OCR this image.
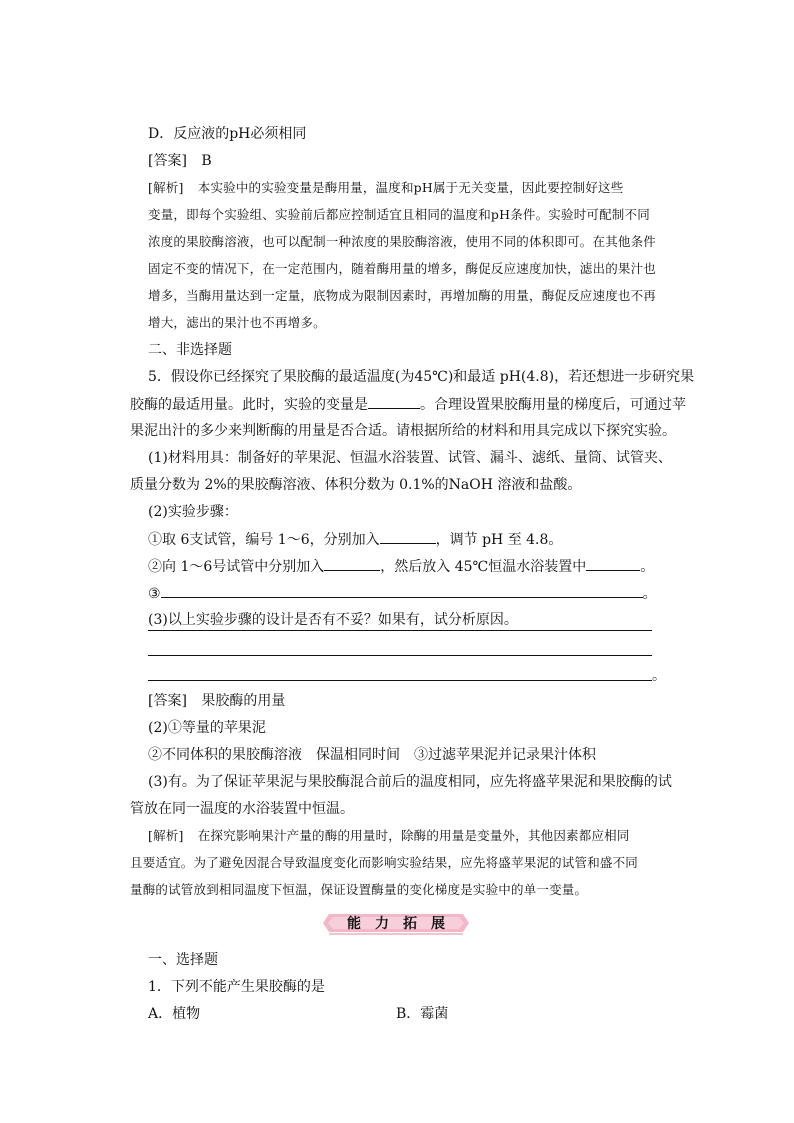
D．反应液的pH必须相同
[答案] B
[解析] 本实验中的实验变量是酶用量，温度和pH属于无关变量，因此要控制好这些
变量，即每个实验组、实验前后都应控制适宜且相同的温度和pH条件。实验时可配制不同
浓度的果胶酶溶液，也可以配制一种浓度的果胶酶溶液，使用不同的体积即可。在其他条件
固定不变的情况下，在一定范围内，随着酶用量的增多，酶促反应速度加快，滤出的果汁也
增多，当酶用量达到一定量，底物成为限制因素时，再增加酶的用量，酶促反应速度也不再
增大，滤出的果汁也不再增多。
二、非选择题
5．假设你已经探究了果胶酶的最适温度(为45℃)和最适 pH(4.8)，若还想进一步研究果
胶酶的最适用量。此时，实验的变量是	。合理设置果胶酶用量的梯度后，可通过苹
果泥出汁的多少来判断酶的用量是否合适。请根据所给的材料和用具完成以下探究实验。
(1)材料用具：制备好的苹果泥、恒温水浴装置、试管、漏斗、滤纸、量筒、试管夹、
质量分数为 2%的果胶酶溶液、体积分数为 0.1%的NaOH 溶液和盐酸。
(2)实验步骤：
①取 6支试管，编号 1～6，分别加入	，调节 pH 至 4.8。
②向 1～6号试管中分别加入	，然后放入 45℃恒温水浴装置中	。
③	。
(3)以上实验步骤的设计是否有不妥？如果有，试分析原因。
。
[答案] 果胶酶的用量
(2)①等量的苹果泥
②不同体积的果胶酶溶液　保温相同时间　③过滤苹果泥并记录果汁体积
(3)有。为了保证苹果泥与果胶酶混合前后的温度相同，应先将盛苹果泥和果胶酶的试
管放在同一温度的水浴装置中恒温。
[解析] 在探究影响果汁产量的酶的用量时，除酶的用量是变量外，其他因素都应相同
且要适宜。为了避免因混合导致温度变化而影响实验结果，应先将盛苹果泥的试管和盛不同
量酶的试管放到相同温度下恒温，保证设置酶量的变化梯度是实验中的单一变量。
能　力　拓　展
一、选择题
1．下列不能产生果胶酶的是
A．植物	B．霉菌
